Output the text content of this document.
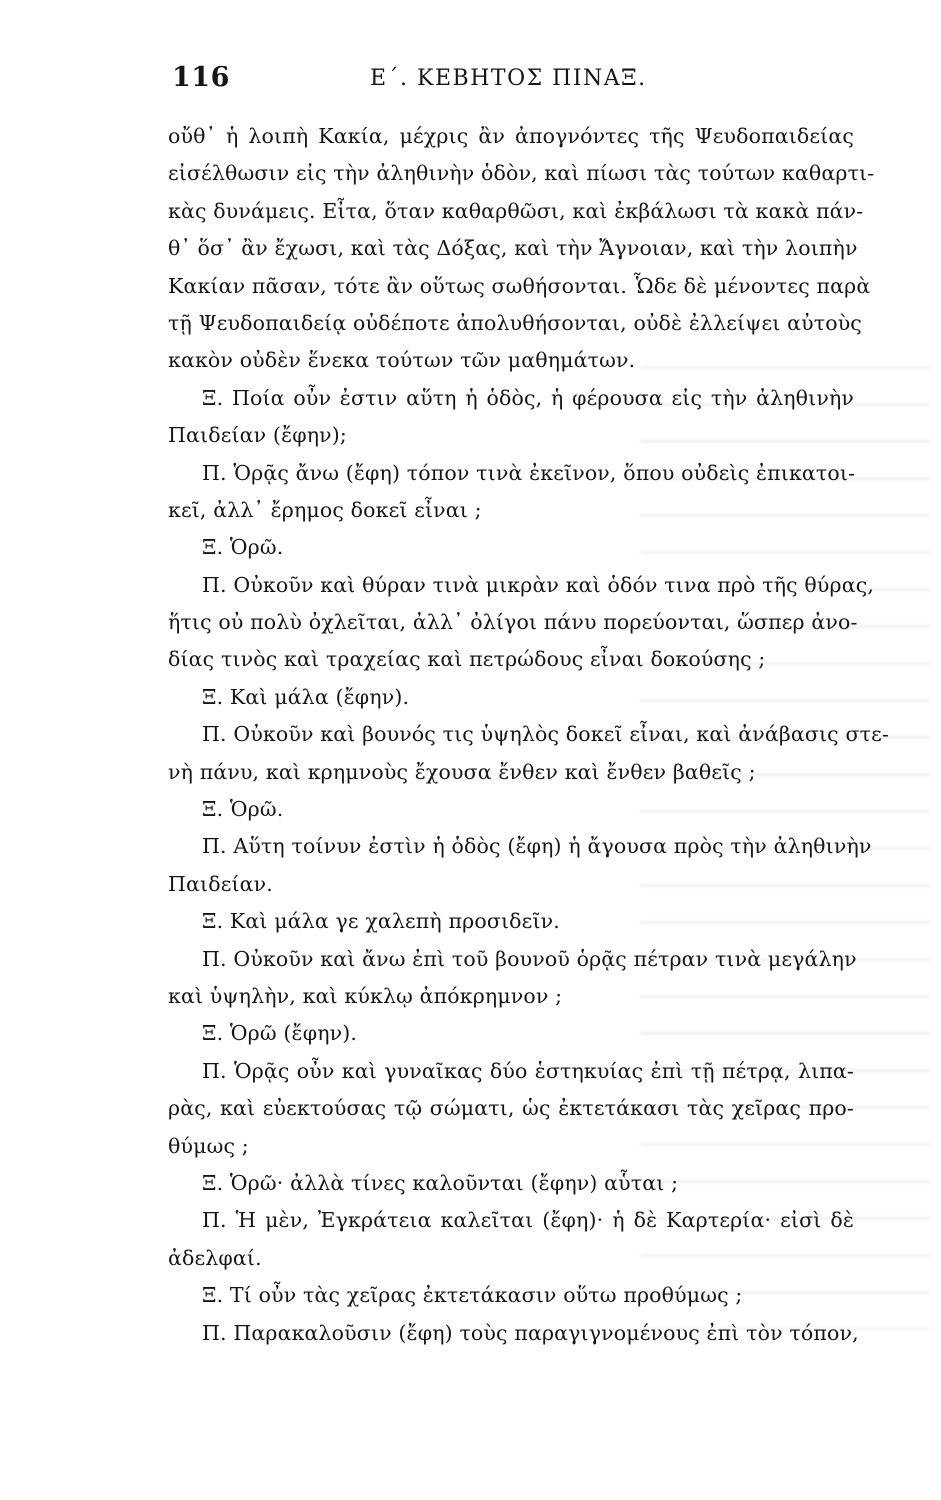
116	Ε΄. ΚΕΒΗΤΟΣ ΠΙΝΑΞ.
οὔθ᾿ ἡ λοιπὴ Κακία, μέχρις ἂν ἀπογνόντες τῆς Ψευδοπαιδείας
εἰσέλθωσιν εἰς τὴν ἀληθινὴν ὁδὸν, καὶ πίωσι τὰς τούτων καθαρτι-
κὰς δυνάμεις. Εἶτα, ὅταν καθαρθῶσι, καὶ ἐκβάλωσι τὰ κακὰ πάν-
θ᾿ ὅσ᾿ ἂν ἔχωσι, καὶ τὰς Δόξας, καὶ τὴν Ἄγνοιαν, καὶ τὴν λοιπὴν
Κακίαν πᾶσαν, τότε ἂν οὕτως σωθήσονται. Ὧδε δὲ μένοντες παρὰ
τῇ Ψευδοπαιδείᾳ οὐδέποτε ἀπολυθήσονται, οὐδὲ ἐλλείψει αὐτοὺς
κακὸν οὐδὲν ἕνεκα τούτων τῶν μαθημάτων.
Ξ. Ποία οὖν ἐστιν αὕτη ἡ ὁδὸς, ἡ φέρουσα εἰς τὴν ἀληθινὴν
Παιδείαν (ἔφην);
Π. Ὁρᾷς ἄνω (ἔφη) τόπον τινὰ ἐκεῖνον, ὅπου οὐδεὶς ἐπικατοι-
κεῖ, ἀλλ᾿ ἔρημος δοκεῖ εἶναι ;
Ξ. Ὁρῶ.
Π. Οὐκοῦν καὶ θύραν τινὰ μικρὰν καὶ ὁδόν τινα πρὸ τῆς θύρας,
ἥτις οὐ πολὺ ὀχλεῖται, ἀλλ᾿ ὀλίγοι πάνυ πορεύονται, ὥσπερ ἀνο-
δίας τινὸς καὶ τραχείας καὶ πετρώδους εἶναι δοκούσης ;
Ξ. Καὶ μάλα (ἔφην).
Π. Οὐκοῦν καὶ βουνός τις ὑψηλὸς δοκεῖ εἶναι, καὶ ἀνάβασις στε-
νὴ πάνυ, καὶ κρημνοὺς ἔχουσα ἔνθεν καὶ ἔνθεν βαθεῖς ;
Ξ. Ὁρῶ.
Π. Αὕτη τοίνυν ἐστὶν ἡ ὁδὸς (ἔφη) ἡ ἄγουσα πρὸς τὴν ἀληθινὴν
Παιδείαν.
Ξ. Καὶ μάλα γε χαλεπὴ προσιδεῖν.
Π. Οὐκοῦν καὶ ἄνω ἐπὶ τοῦ βουνοῦ ὁρᾷς πέτραν τινὰ μεγάλην
καὶ ὑψηλὴν, καὶ κύκλῳ ἀπόκρημνον ;
Ξ. Ὁρῶ (ἔφην).
Π. Ὁρᾷς οὖν καὶ γυναῖκας δύο ἑστηκυίας ἐπὶ τῇ πέτρᾳ, λιπα-
ρὰς, καὶ εὐεκτούσας τῷ σώματι, ὡς ἐκτετάκασι τὰς χεῖρας προ-
θύμως ;
Ξ. Ὁρῶ· ἀλλὰ τίνες καλοῦνται (ἔφην) αὗται ;
Π. Ἡ μὲν, Ἐγκράτεια καλεῖται (ἔφη)· ἡ δὲ Καρτερία· εἰσὶ δὲ
ἀδελφαί.
Ξ. Τί οὖν τὰς χεῖρας ἐκτετάκασιν οὕτω προθύμως ;
Π. Παρακαλοῦσιν (ἔφη) τοὺς παραγιγνομένους ἐπὶ τὸν τόπον,
